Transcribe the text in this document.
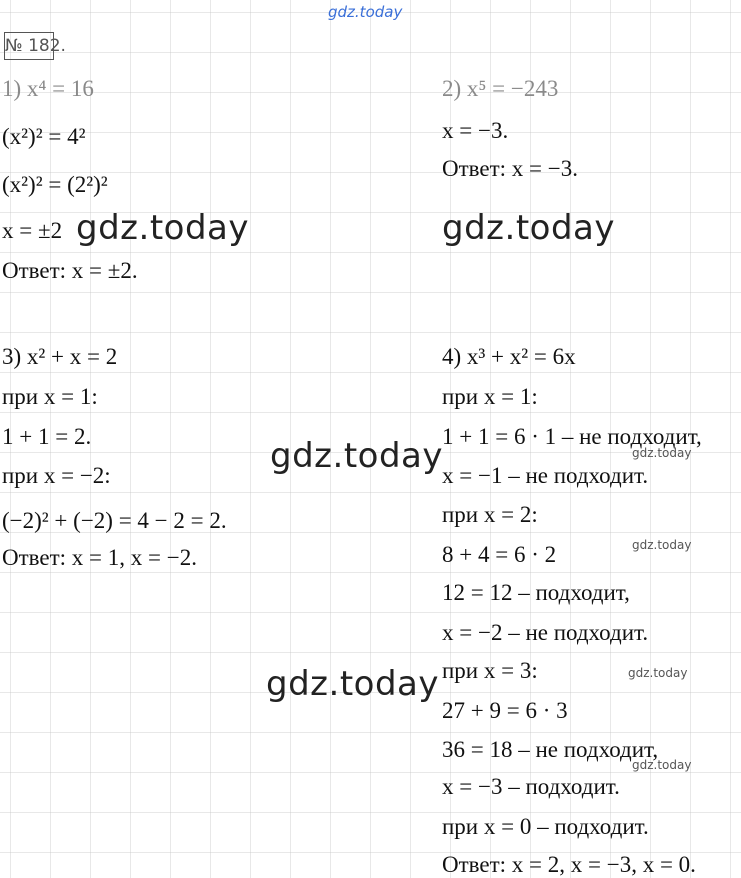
gdz.today
№ 182.
1) x⁴ = 16
(x²)² = 4²
(x²)² = (2²)²
x = ±2
Ответ: x = ±2.
2) x⁵ = −243
x = −3.
Ответ: x = −3.
3) x² + x = 2
при x = 1:
1 + 1 = 2.
при x = −2:
(−2)² + (−2) = 4 − 2 = 2.
Ответ: x = 1, x = −2.
4) x³ + x² = 6x
при x = 1:
1 + 1 = 6 · 1 – не подходит,
x = −1 – не подходит.
при x = 2:
8 + 4 = 6 · 2
12 = 12 – подходит,
x = −2 – не подходит.
при x = 3:
27 + 9 = 6 · 3
36 = 18 – не подходит,
x = −3 – подходит.
при x = 0 – подходит.
Ответ: x = 2, x = −3, x = 0.
gdz.today	gdz.today
gdz.today
gdz.today
gdz.today
gdz.today
gdz.today
gdz.today
